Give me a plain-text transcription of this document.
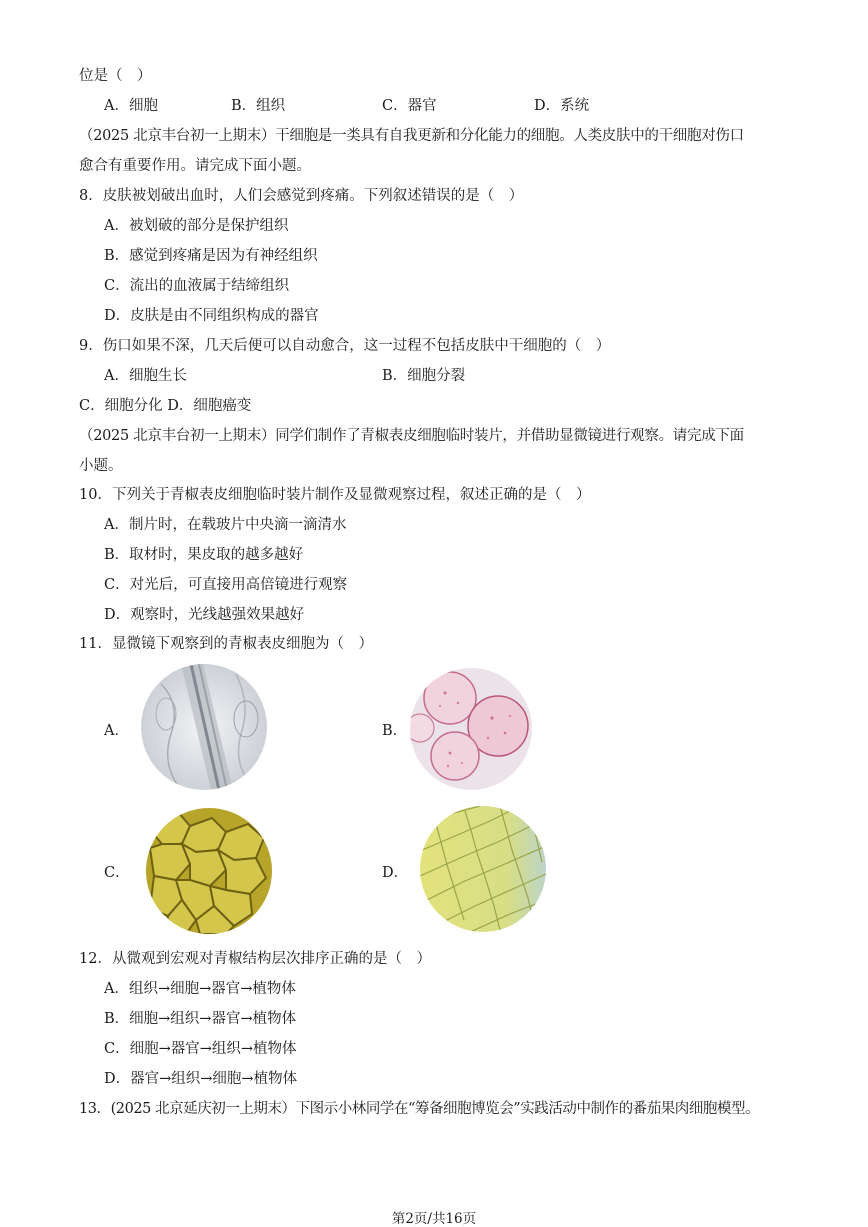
位是（　）
A．细胞	B．组织	C．器官	D．系统
（2025 北京丰台初一上期末）干细胞是一类具有自我更新和分化能力的细胞。人类皮肤中的干细胞对伤口
愈合有重要作用。请完成下面小题。
8．皮肤被划破出血时，人们会感觉到疼痛。下列叙述错误的是（　）
A．被划破的部分是保护组织
B．感觉到疼痛是因为有神经组织
C．流出的血液属于结缔组织
D．皮肤是由不同组织构成的器官
9．伤口如果不深，几天后便可以自动愈合，这一过程不包括皮肤中干细胞的（　）
A．细胞生长	B．细胞分裂
C．细胞分化 D．细胞癌变
（2025 北京丰台初一上期末）同学们制作了青椒表皮细胞临时装片，并借助显微镜进行观察。请完成下面
小题。
10．下列关于青椒表皮细胞临时装片制作及显微观察过程，叙述正确的是（　）
A．制片时，在载玻片中央滴一滴清水
B．取材时，果皮取的越多越好
C．对光后，可直接用高倍镜进行观察
D．观察时，光线越强效果越好
11．显微镜下观察到的青椒表皮细胞为（　）
A．	B．
C．	D．
12．从微观到宏观对青椒结构层次排序正确的是（　）
A．组织→细胞→器官→植物体
B．细胞→组织→器官→植物体
C．细胞→器官→组织→植物体
D．器官→组织→细胞→植物体
13．(2025 北京延庆初一上期末）下图示小林同学在“筹备细胞博览会”实践活动中制作的番茄果肉细胞模型。
第2页/共16页
